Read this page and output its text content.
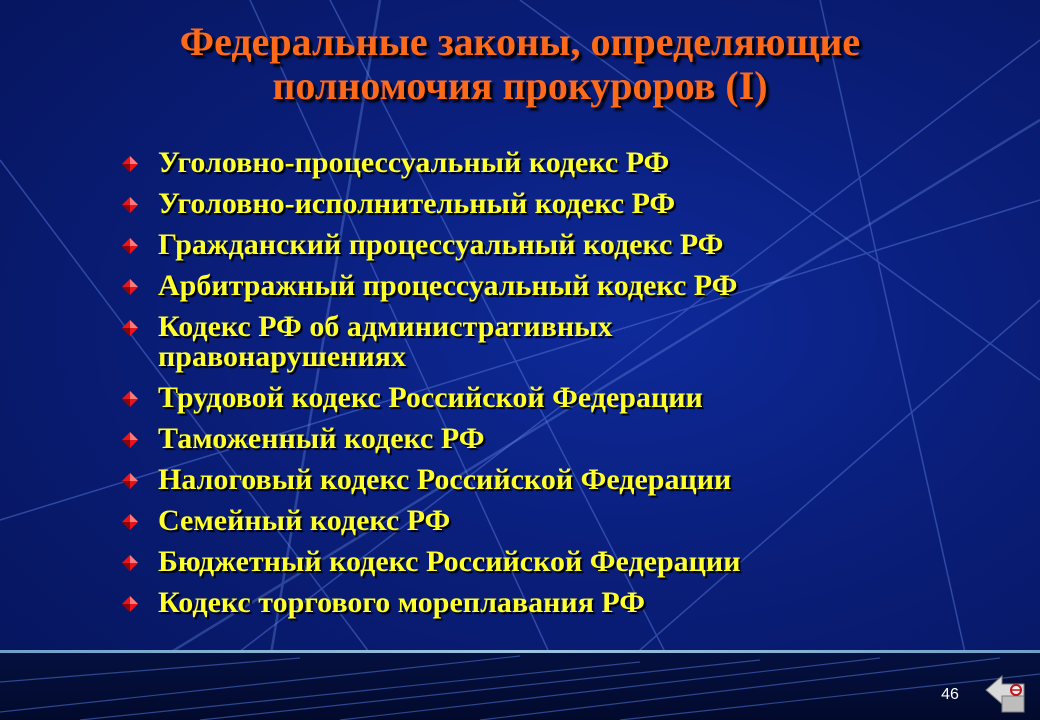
Федеральные законы, определяющие
полномочия прокуроров (I)
Уголовно-процессуальный кодекс РФ
Уголовно-исполнительный кодекс РФ
Гражданский процессуальный кодекс РФ
Арбитражный процессуальный кодекс РФ
Кодекс РФ об административных правонарушениях
Трудовой кодекс Российской Федерации
Таможенный кодекс РФ
Налоговый кодекс Российской Федерации
Семейный кодекс РФ
Бюджетный кодекс Российской Федерации
Кодекс торгового мореплавания РФ
46
